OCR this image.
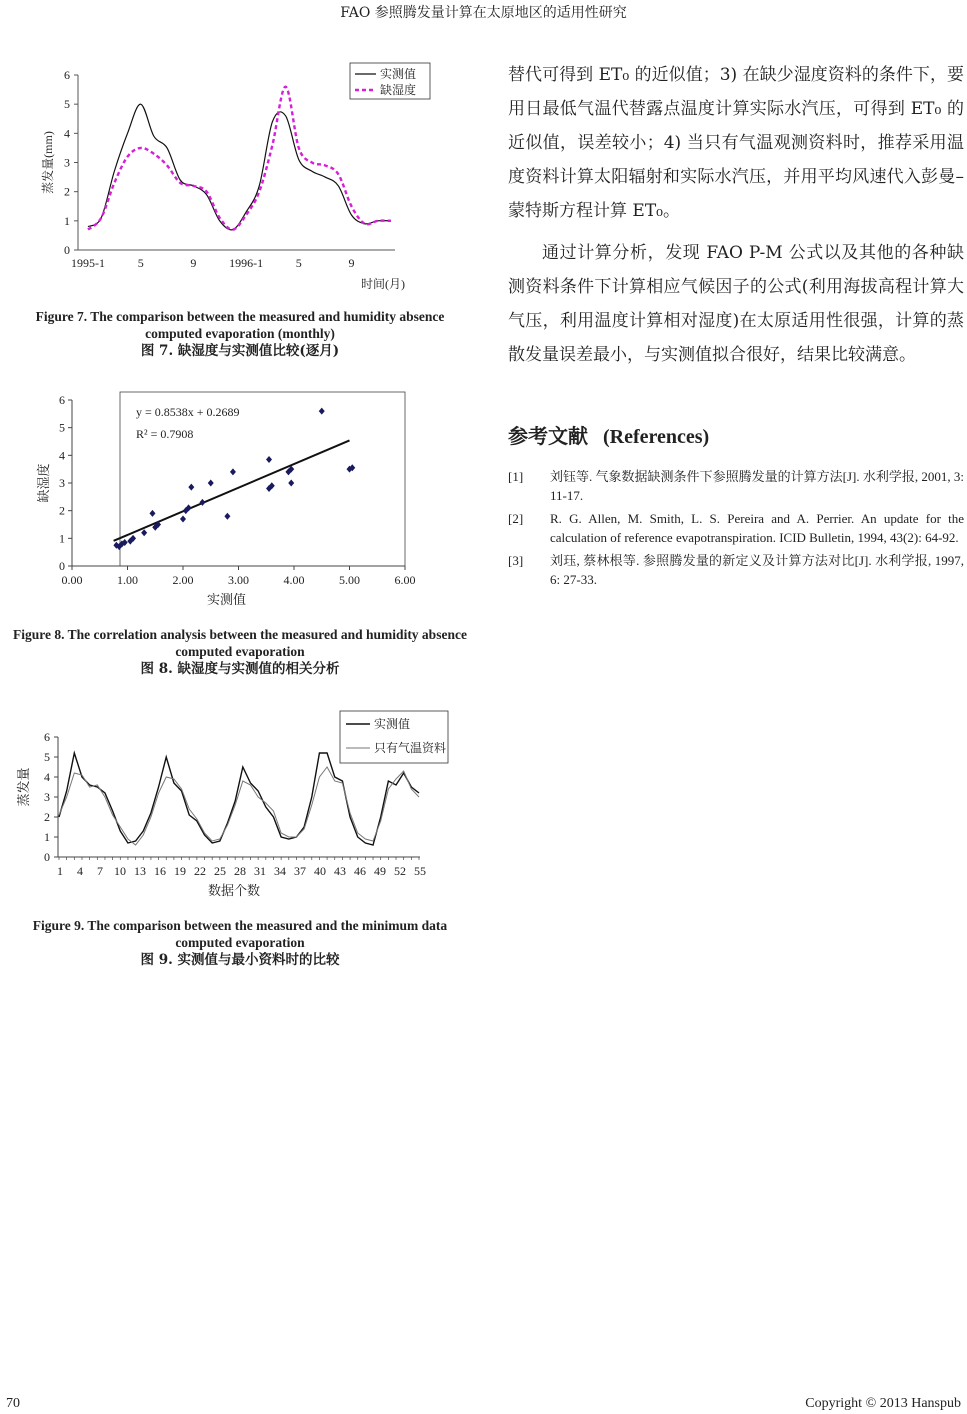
FAO 参照腾发量计算在太原地区的适用性研究
0
1
2
3
4
5
6
1995-1	5	9	1996-1	5	9
时间(月)
蒸发量(mm)
实测值
缺湿度
Figure 7. The comparison between the measured and humidity absence computed evaporation (monthly)
图 7. 缺湿度与实测值比较(逐月)
0
1
2
3
4
5
6
0.00	1.00	2.00	3.00	4.00	5.00	6.00
实测值
缺湿度
y = 0.8538x + 0.2689
R² = 0.7908
Figure 8. The correlation analysis between the measured and humidity absence computed evaporation
图 8. 缺湿度与实测值的相关分析
0
1
2
3
4
5
6
1 4 7 10 13 16 19 22 25 28 31 34 37 40 43 46 49 52 55
数据个数
蒸发量
实测值
只有气温资料
Figure 9. The comparison between the measured and the minimum data computed evaporation
图 9. 实测值与最小资料时的比较

替代可得到 ET₀ 的近似值；3) 在缺少湿度资料的条件下，要用日最低气温代替露点温度计算实际水汽压，可得到 ET₀ 的近似值，误差较小；4) 当只有气温观测资料时，推荐采用温度资料计算太阳辐射和实际水汽压，并用平均风速代入彭曼–蒙特斯方程计算 ET₀。

通过计算分析，发现 FAO P-M 公式以及其他的各种缺测资料条件下计算相应气候因子的公式(利用海拔高程计算大气压，利用温度计算相对湿度)在太原适用性很强，计算的蒸散发量误差最小，与实测值拟合很好，结果比较满意。

参考文献 (References)
[1]	刘钰等. 气象数据缺测条件下参照腾发量的计算方法[J]. 水利学报, 2001, 3: 11-17.
[2]	R. G. Allen, M. Smith, L. S. Pereira and A. Perrier. An update for the calculation of reference evapotranspiration. ICID Bulletin, 1994, 43(2): 64-92.
[3]	刘珏, 蔡林根等. 参照腾发量的新定义及计算方法对比[J]. 水利学报, 1997, 6: 27-33.
70	Copyright © 2013 Hanspub
